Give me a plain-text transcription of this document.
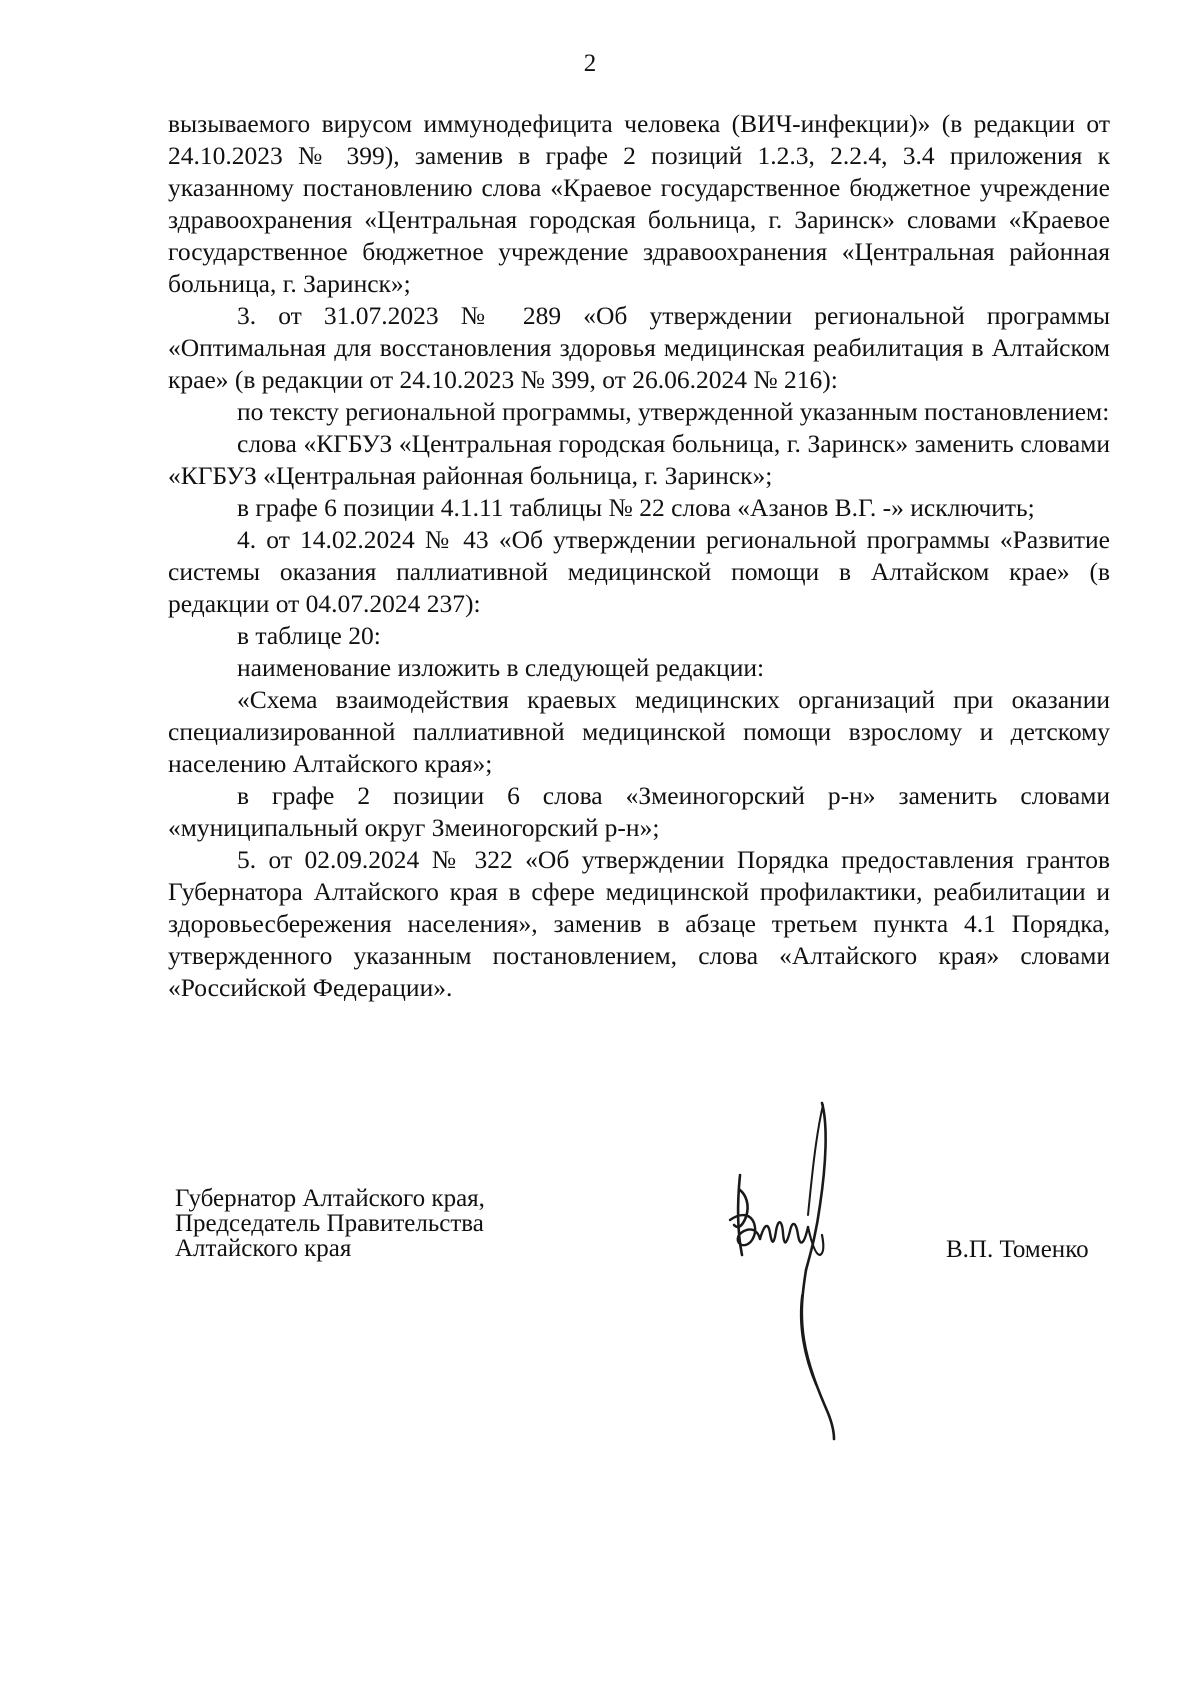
2

вызываемого вирусом иммунодефицита человека (ВИЧ-инфекции)» (в редакции от 24.10.2023 № 399), заменив в графе 2 позиций 1.2.3, 2.2.4, 3.4 приложения к указанному постановлению слова «Краевое государственное бюджетное учреждение здравоохранения «Центральная городская больница, г. Заринск» словами «Краевое государственное бюджетное учреждение здравоохранения «Центральная районная больница, г. Заринск»;

3. от 31.07.2023 № 289 «Об утверждении региональной программы «Оптимальная для восстановления здоровья медицинская реабилитация в Алтайском крае» (в редакции от 24.10.2023 № 399, от 26.06.2024 № 216):

по тексту региональной программы, утвержденной указанным постановлением:

слова «КГБУЗ «Центральная городская больница, г. Заринск» заменить словами «КГБУЗ «Центральная районная больница, г. Заринск»;

в графе 6 позиции 4.1.11 таблицы № 22 слова «Азанов В.Г. -» исключить;

4. от 14.02.2024 № 43 «Об утверждении региональной программы «Развитие системы оказания паллиативной медицинской помощи в Алтайском крае» (в редакции от 04.07.2024 237):

в таблице 20:

наименование изложить в следующей редакции:

«Схема взаимодействия краевых медицинских организаций при оказании специализированной паллиативной медицинской помощи взрослому и детскому населению Алтайского края»;

в графе 2 позиции 6 слова «Змеиногорский р-н» заменить словами «муниципальный округ Змеиногорский р-н»;

5. от 02.09.2024 № 322 «Об утверждении Порядка предоставления грантов Губернатора Алтайского края в сфере медицинской профилактики, реабилитации и здоровьесбережения населения», заменив в абзаце третьем пункта 4.1 Порядка, утвержденного указанным постановлением, слова «Алтайского края» словами «Российской Федерации».

Губернатор Алтайского края,
Председатель Правительства
Алтайского края	В.П. Томенко
